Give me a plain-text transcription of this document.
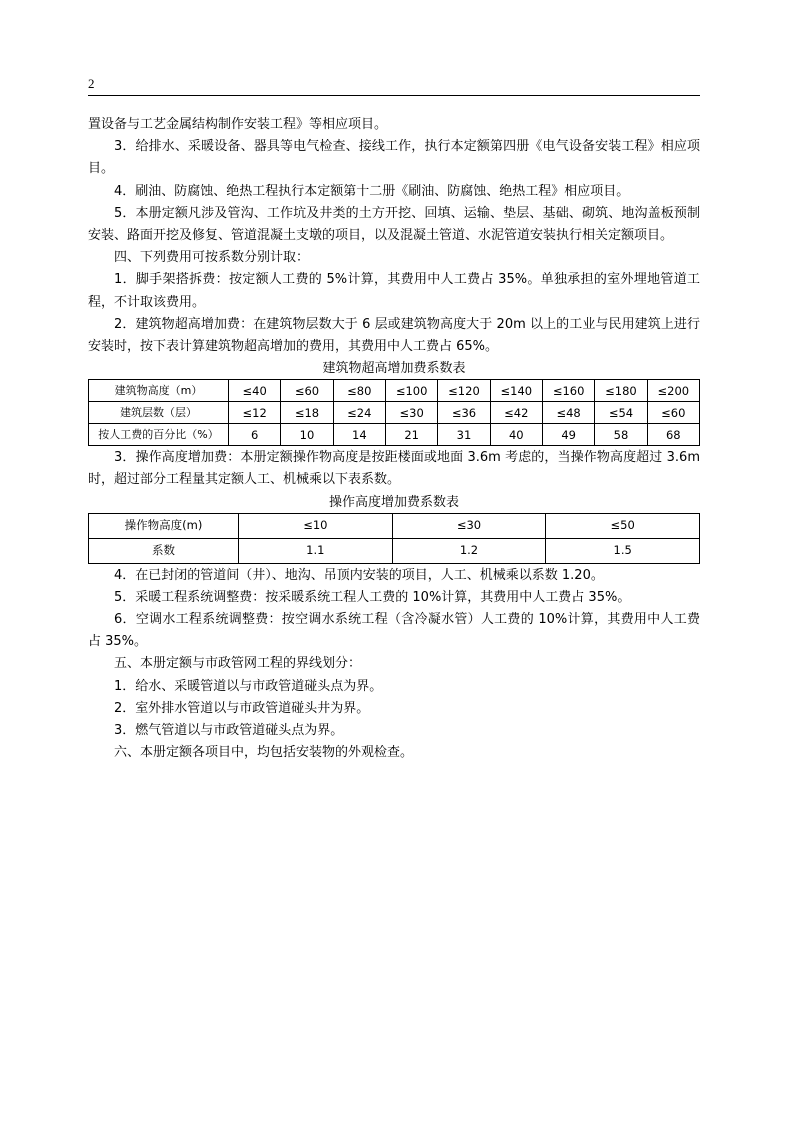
2

置设备与工艺金属结构制作安装工程》等相应项目。

3．给排水、采暖设备、器具等电气检查、接线工作，执行本定额第四册《电气设备安装工程》相应项目。

4．刷油、防腐蚀、绝热工程执行本定额第十二册《刷油、防腐蚀、绝热工程》相应项目。

5．本册定额凡涉及管沟、工作坑及井类的土方开挖、回填、运输、垫层、基础、砌筑、地沟盖板预制安装、路面开挖及修复、管道混凝土支墩的项目，以及混凝土管道、水泥管道安装执行相关定额项目。

四、下列费用可按系数分别计取：

1．脚手架搭拆费：按定额人工费的 5%计算，其费用中人工费占 35%。单独承担的室外埋地管道工程，不计取该费用。

2．建筑物超高增加费：在建筑物层数大于 6 层或建筑物高度大于 20m 以上的工业与民用建筑上进行安装时，按下表计算建筑物超高增加的费用，其费用中人工费占 65%。

建筑物超高增加费系数表
建筑物高度（m）	≤40	≤60	≤80	≤100	≤120	≤140	≤160	≤180	≤200
建筑层数（层）	≤12	≤18	≤24	≤30	≤36	≤42	≤48	≤54	≤60
按人工费的百分比（%）	6	10	14	21	31	40	49	58	68

3．操作高度增加费：本册定额操作物高度是按距楼面或地面 3.6m 考虑的，当操作物高度超过 3.6m 时，超过部分工程量其定额人工、机械乘以下表系数。

操作高度增加费系数表
操作物高度(m)	≤10	≤30	≤50
系数	1.1	1.2	1.5

4．在已封闭的管道间（井）、地沟、吊顶内安装的项目，人工、机械乘以系数 1.20。

5．采暖工程系统调整费：按采暖系统工程人工费的 10%计算，其费用中人工费占 35%。

6．空调水工程系统调整费：按空调水系统工程（含冷凝水管）人工费的 10%计算，其费用中人工费占 35%。

五、本册定额与市政管网工程的界线划分：

1．给水、采暖管道以与市政管道碰头点为界。

2．室外排水管道以与市政管道碰头井为界。

3．燃气管道以与市政管道碰头点为界。

六、本册定额各项目中，均包括安装物的外观检查。
